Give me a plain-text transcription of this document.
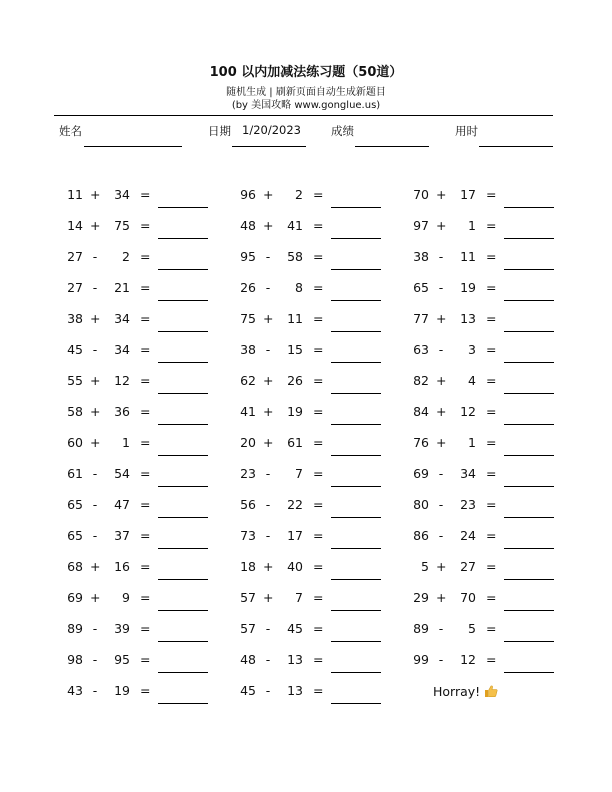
100 以内加减法练习题（50道）
随机生成 | 刷新页面自动生成新题目
(by 美国攻略 www.gonglue.us)
姓名	日期 1/20/2023	成绩	用时
11 +	34 =
14 +	75 =
27 -	2 =
27 -	21 =
38 +	34 =
45 -	34 =
55 +	12 =
58 +	36 =
60 +	1 =
61 -	54 =
65 -	47 =
65 -	37 =
68 +	16 =
69 +	9 =
89 -	39 =
98 -	95 =
43 -	19 =
96 +	2 =
48 +	41 =
95 -	58 =
26 -	8 =
75 +	11 =
38 -	15 =
62 +	26 =
41 +	19 =
20 +	61 =
23 -	7 =
56 -	22 =
73 -	17 =
18 +	40 =
57 +	7 =
57 -	45 =
48 -	13 =
45 -	13 =
70 +	17 =
97 +	1 =
38 -	11 =
65 -	19 =
77 +	13 =
63 -	3 =
82 +	4 =
84 +	12 =
76 +	1 =
69 -	34 =
80 -	23 =
86 -	24 =
5 +	27 =
29 +	70 =
89 -	5 =
99 -	12 =
Horray!
